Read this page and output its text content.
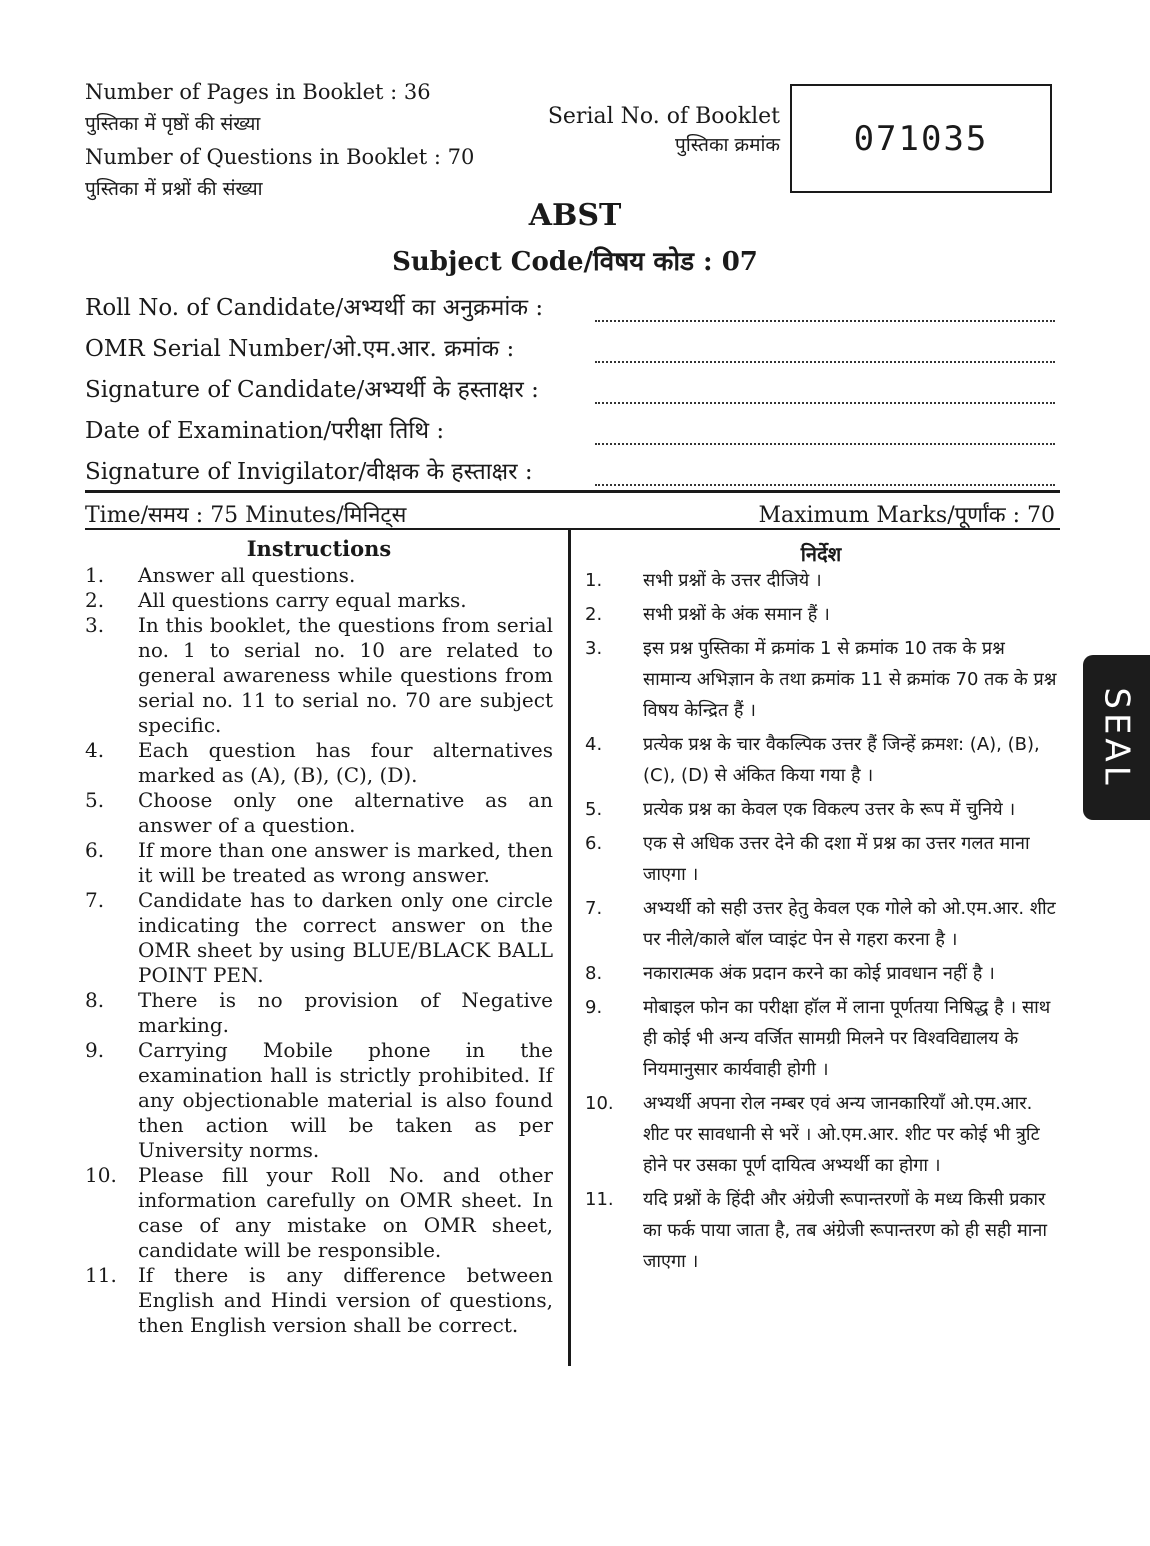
Number of Pages in Booklet : 36
पुस्तिका में पृष्ठों की संख्या
Number of Questions in Booklet : 70
पुस्तिका में प्रश्नों की संख्या
Serial No. of Booklet
पुस्तिका क्रमांक 071035
ABST
Subject Code/विषय कोड : 07
Roll No. of Candidate/अभ्यर्थी का अनुक्रमांक :
OMR Serial Number/ओ.एम.आर. क्रमांक :
Signature of Candidate/अभ्यर्थी के हस्ताक्षर :
Date of Examination/परीक्षा तिथि :
Signature of Invigilator/वीक्षक के हस्ताक्षर :
Time/समय : 75 Minutes/मिनिट्स	Maximum Marks/पूर्णांक : 70
Instructions
1. Answer all questions.
2. All questions carry equal marks.
3. In this booklet, the questions from serial no. 1 to serial no. 10 are related to general awareness while questions from serial no. 11 to serial no. 70 are subject specific.
4. Each question has four alternatives marked as (A), (B), (C), (D).
5. Choose only one alternative as an answer of a question.
6. If more than one answer is marked, then it will be treated as wrong answer.
7. Candidate has to darken only one circle indicating the correct answer on the OMR sheet by using BLUE/BLACK BALL POINT PEN.
8. There is no provision of Negative marking.
9. Carrying Mobile phone in the examination hall is strictly prohibited. If any objectionable material is also found then action will be taken as per University norms.
10. Please fill your Roll No. and other information carefully on OMR sheet. In case of any mistake on OMR sheet, candidate will be responsible.
11. If there is any difference between English and Hindi version of questions, then English version shall be correct.
निर्देश
1. सभी प्रश्नों के उत्तर दीजिये ।
2. सभी प्रश्नों के अंक समान हैं ।
3. इस प्रश्न पुस्तिका में क्रमांक 1 से क्रमांक 10 तक के प्रश्न सामान्य अभिज्ञान के तथा क्रमांक 11 से क्रमांक 70 तक के प्रश्न विषय केन्द्रित हैं ।
4. प्रत्येक प्रश्न के चार वैकल्पिक उत्तर हैं जिन्हें क्रमश: (A), (B), (C), (D) से अंकित किया गया है ।
5. प्रत्येक प्रश्न का केवल एक विकल्प उत्तर के रूप में चुनिये ।
6. एक से अधिक उत्तर देने की दशा में प्रश्न का उत्तर गलत माना जाएगा ।
7. अभ्यर्थी को सही उत्तर हेतु केवल एक गोले को ओ.एम.आर. शीट पर नीले/काले बॉल प्वाइंट पेन से गहरा करना है ।
8. नकारात्मक अंक प्रदान करने का कोई प्रावधान नहीं है ।
9. मोबाइल फोन का परीक्षा हॉल में लाना पूर्णतया निषिद्ध है । साथ ही कोई भी अन्य वर्जित सामग्री मिलने पर विश्वविद्यालय के नियमानुसार कार्यवाही होगी ।
10. अभ्यर्थी अपना रोल नम्बर एवं अन्य जानकारियाँ ओ.एम.आर. शीट पर सावधानी से भरें । ओ.एम.आर. शीट पर कोई भी त्रुटि होने पर उसका पूर्ण दायित्व अभ्यर्थी का होगा ।
11. यदि प्रश्नों के हिंदी और अंग्रेजी रूपान्तरणों के मध्य किसी प्रकार का फर्क पाया जाता है, तब अंग्रेजी रूपान्तरण को ही सही माना जाएगा ।
SEAL
